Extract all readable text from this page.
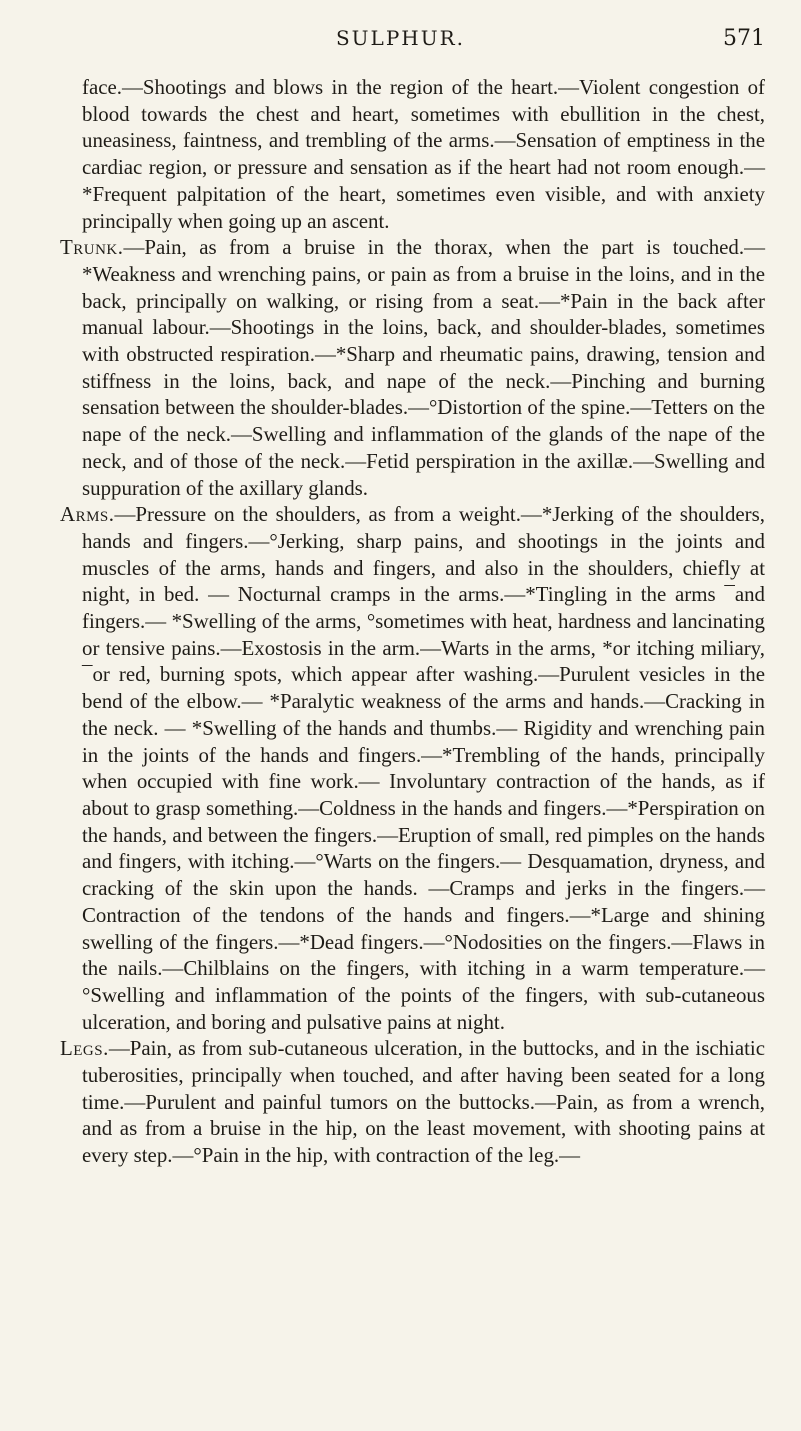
SULPHUR.	571

face.—Shootings and blows in the region of the heart.—Violent congestion of blood towards the chest and heart, sometimes with ebullition in the chest, uneasiness, faintness, and trembling of the arms.—Sensation of emptiness in the cardiac region, or pressure and sensation as if the heart had not room enough.—*Frequent palpitation of the heart, sometimes even visible, and with anxiety principally when going up an ascent.

Trunk.—Pain, as from a bruise in the thorax, when the part is touched.—*Weakness and wrenching pains, or pain as from a bruise in the loins, and in the back, principally on walking, or rising from a seat.—*Pain in the back after manual labour.—Shootings in the loins, back, and shoulder-blades, sometimes with obstructed respiration.—*Sharp and rheumatic pains, drawing, tension and stiffness in the loins, back, and nape of the neck.—Pinching and burning sensation between the shoulder-blades.—°Distortion of the spine.—Tetters on the nape of the neck.—Swelling and inflammation of the glands of the nape of the neck, and of those of the neck.—Fetid perspiration in the axillæ.—Swelling and suppuration of the axillary glands.

Arms.—Pressure on the shoulders, as from a weight.—*Jerking of the shoulders, hands and fingers.—°Jerking, sharp pains, and shootings in the joints and muscles of the arms, hands and fingers, and also in the shoulders, chiefly at night, in bed. — Nocturnal cramps in the arms.—*Tingling in the arms ¯and fingers.— *Swelling of the arms, °sometimes with heat, hardness and lancinating or tensive pains.—Exostosis in the arm.—Warts in the arms, *or itching miliary, ¯or red, burning spots, which appear after washing.—Purulent vesicles in the bend of the elbow.— *Paralytic weakness of the arms and hands.—Cracking in the neck. — *Swelling of the hands and thumbs.— Rigidity and wrenching pain in the joints of the hands and fingers.—*Trembling of the hands, principally when occupied with fine work.— Involuntary contraction of the hands, as if about to grasp something.—Coldness in the hands and fingers.—*Perspiration on the hands, and between the fingers.—Eruption of small, red pimples on the hands and fingers, with itching.—°Warts on the fingers.— Desquamation, dryness, and cracking of the skin upon the hands. —Cramps and jerks in the fingers.—Contraction of the tendons of the hands and fingers.—*Large and shining swelling of the fingers.—*Dead fingers.—°Nodosities on the fingers.—Flaws in the nails.—Chilblains on the fingers, with itching in a warm temperature.—°Swelling and inflammation of the points of the fingers, with sub-cutaneous ulceration, and boring and pulsative pains at night.

Legs.—Pain, as from sub-cutaneous ulceration, in the buttocks, and in the ischiatic tuberosities, principally when touched, and after having been seated for a long time.—Purulent and painful tumors on the buttocks.—Pain, as from a wrench, and as from a bruise in the hip, on the least movement, with shooting pains at every step.—°Pain in the hip, with contraction of the leg.—
